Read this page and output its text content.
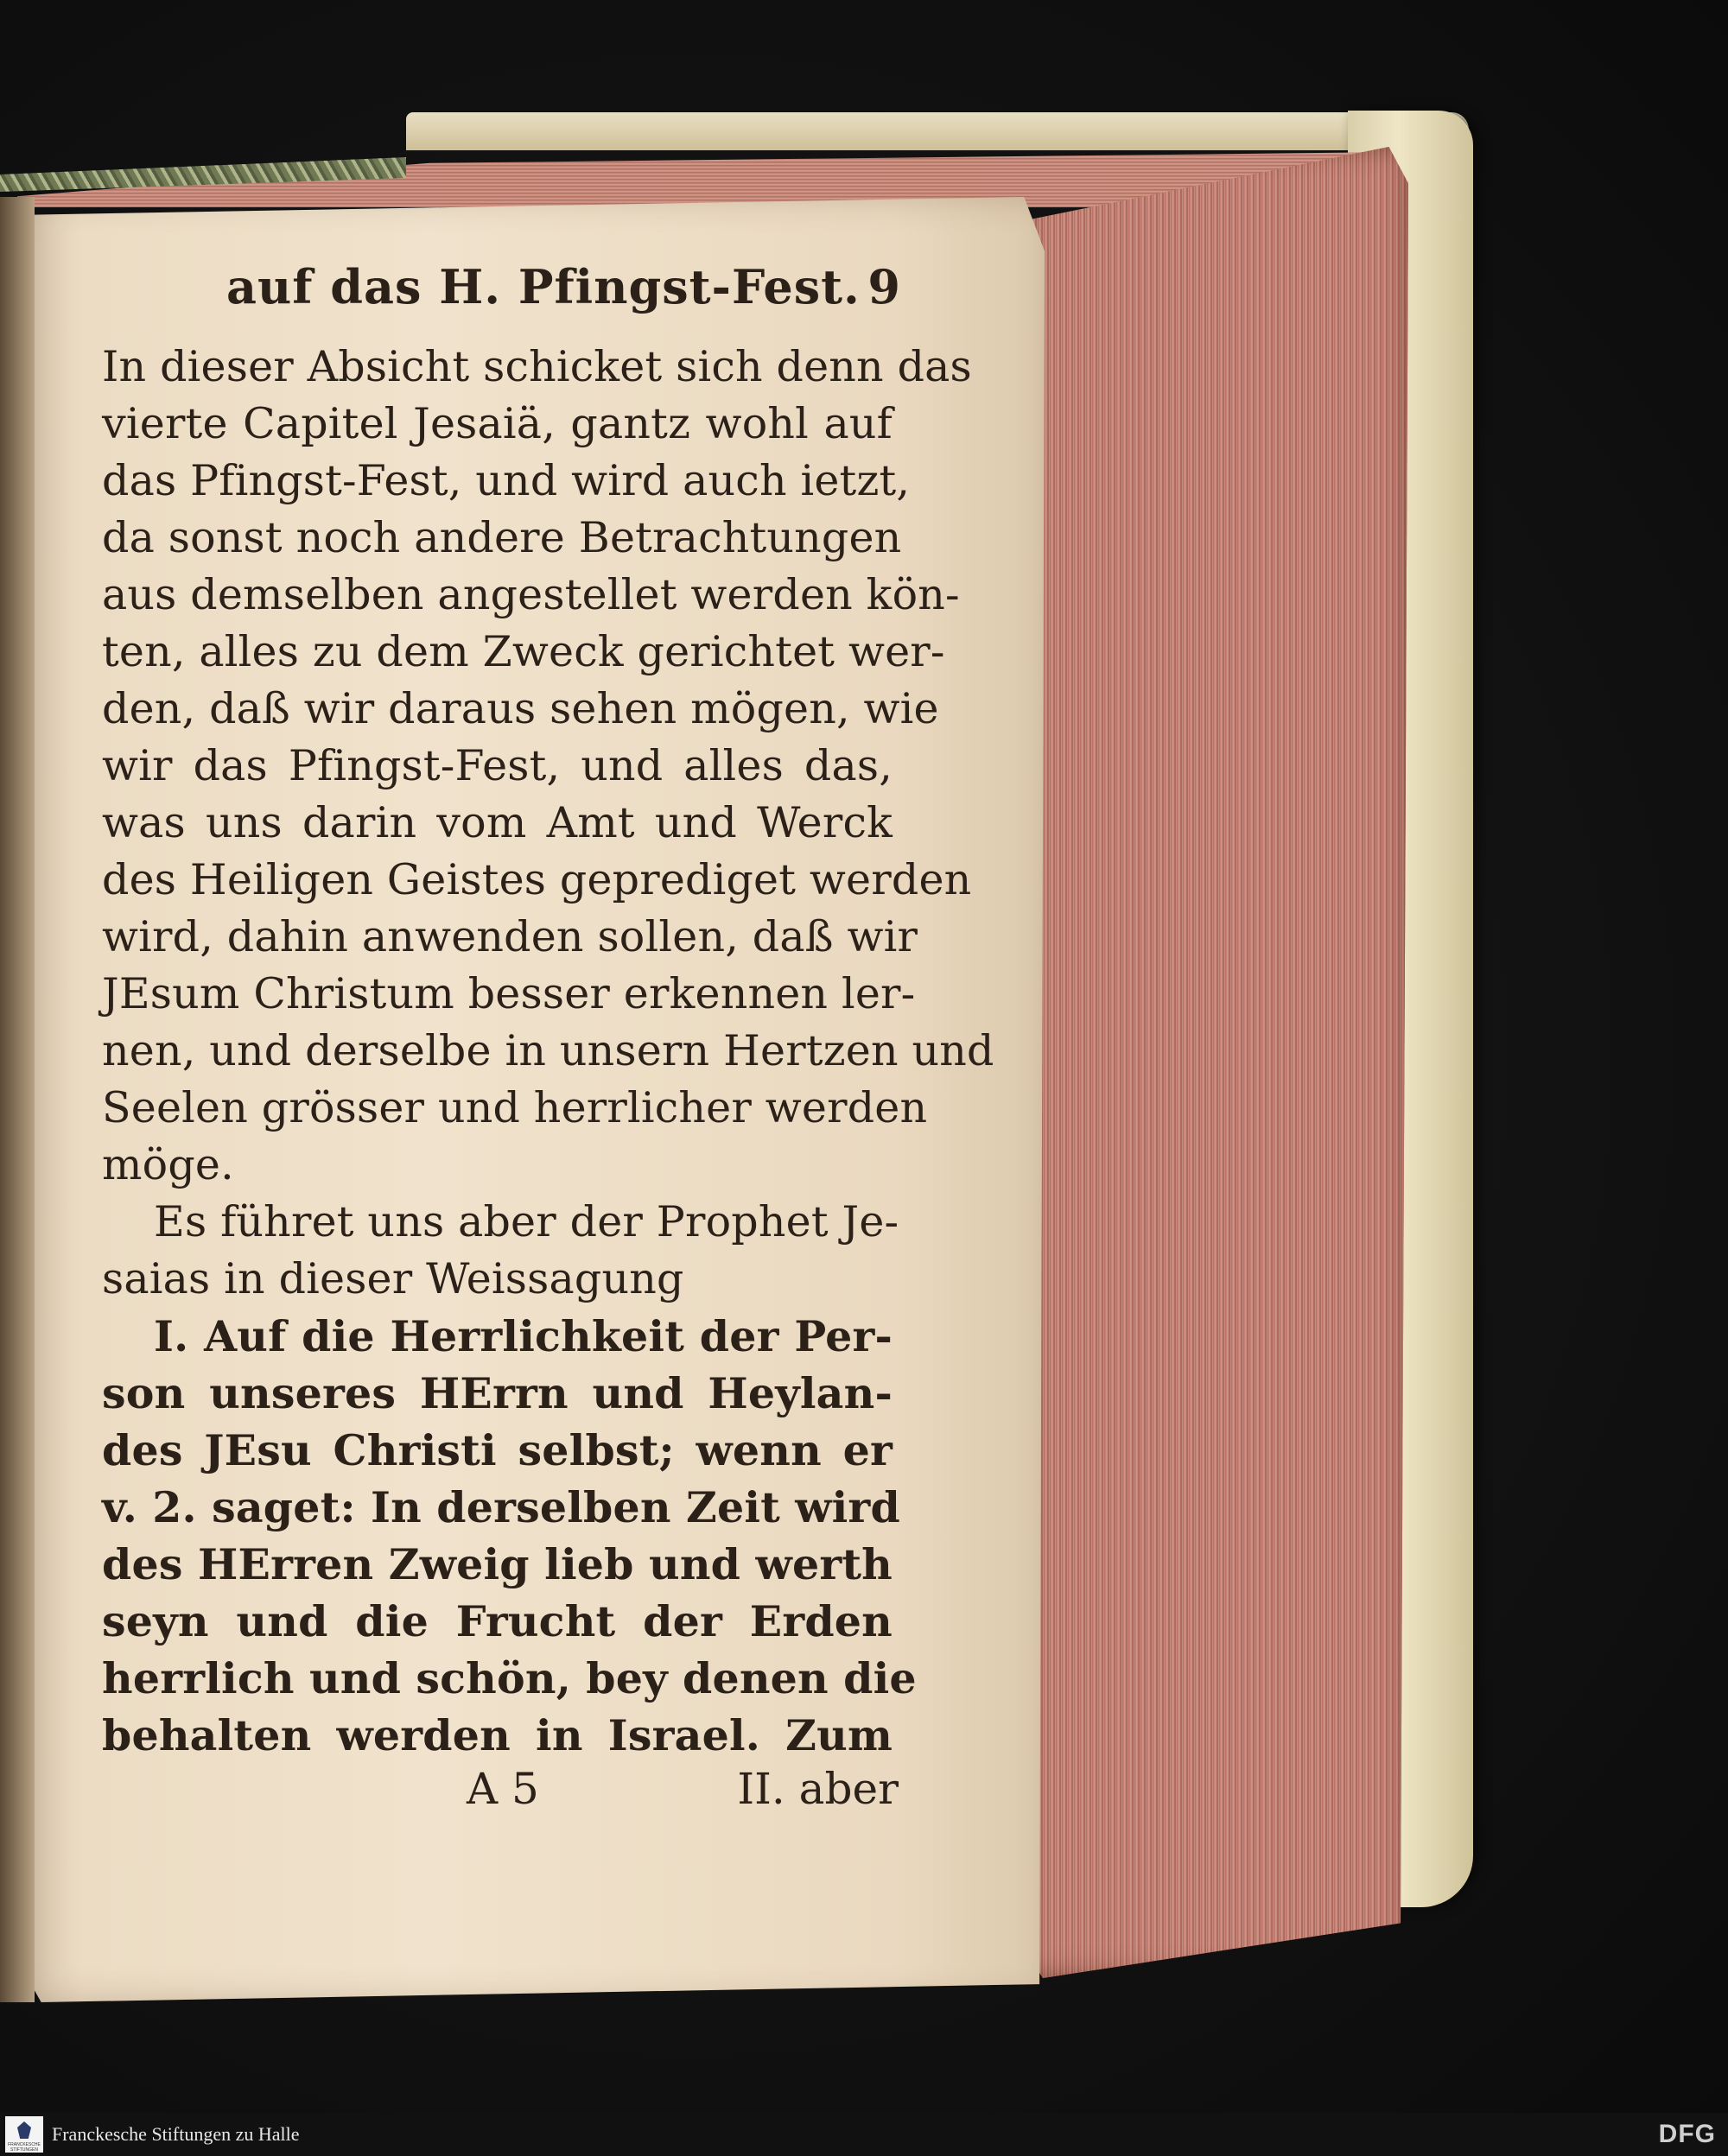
auf das H. Pfingst-Fest. 9
In dieser Absicht schicket sich denn das
vierte Capitel Jesaiä, gantz wohl auf
das Pfingst-Fest, und wird auch ietzt,
da sonst noch andere Betrachtungen
aus demselben angestellet werden kön-
ten, alles zu dem Zweck gerichtet wer-
den, daß wir daraus sehen mögen, wie
wir das Pfingst-Fest, und alles das,
was uns darin vom Amt und Werck
des Heiligen Geistes geprediget werden
wird, dahin anwenden sollen, daß wir
JEsum Christum besser erkennen ler-
nen, und derselbe in unsern Hertzen und
Seelen grösser und herrlicher werden
möge.
Es führet uns aber der Prophet Je-
saias in dieser Weissagung
I. Auf die Herrlichkeit der Per-
son unseres HErrn und Heylan-
des JEsu Christi selbst; wenn er
v. 2. saget: In derselben Zeit wird
des HErren Zweig lieb und werth
seyn und die Frucht der Erden
herrlich und schön, bey denen die
behalten werden in Israel. Zum
A 5	II. aber
FRANCKESCHE STIFTUNGEN
Franckesche Stiftungen zu Halle	DFG
